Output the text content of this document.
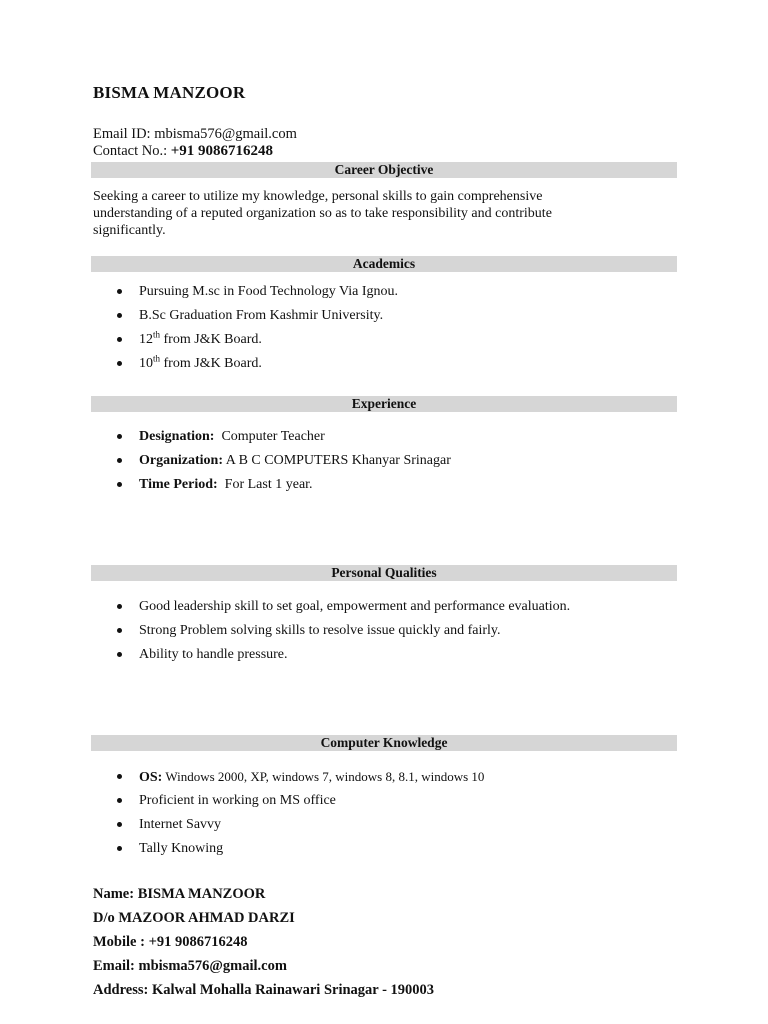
BISMA MANZOOR
Email ID: mbisma576@gmail.com
Contact No.: +91 9086716248
Career Objective
Seeking a career to utilize my knowledge, personal skills to gain comprehensive
understanding of a reputed organization so as to take responsibility and contribute
significantly.
Academics
Pursuing M.sc in Food Technology Via Ignou.
B.Sc Graduation From Kashmir University.
12th from J&K Board.
10th from J&K Board.
Experience
Designation:  Computer Teacher
Organization: A B C COMPUTERS Khanyar Srinagar
Time Period:  For Last 1 year.
Personal Qualities
Good leadership skill to set goal, empowerment and performance evaluation.
Strong Problem solving skills to resolve issue quickly and fairly.
Ability to handle pressure.
Computer Knowledge
OS: Windows 2000, XP, windows 7, windows 8, 8.1, windows 10
Proficient in working on MS office
Internet Savvy
Tally Knowing
Name: BISMA MANZOOR
D/o MAZOOR AHMAD DARZI
Mobile : +91 9086716248
Email: mbisma576@gmail.com
Address: Kalwal Mohalla Rainawari Srinagar - 190003
